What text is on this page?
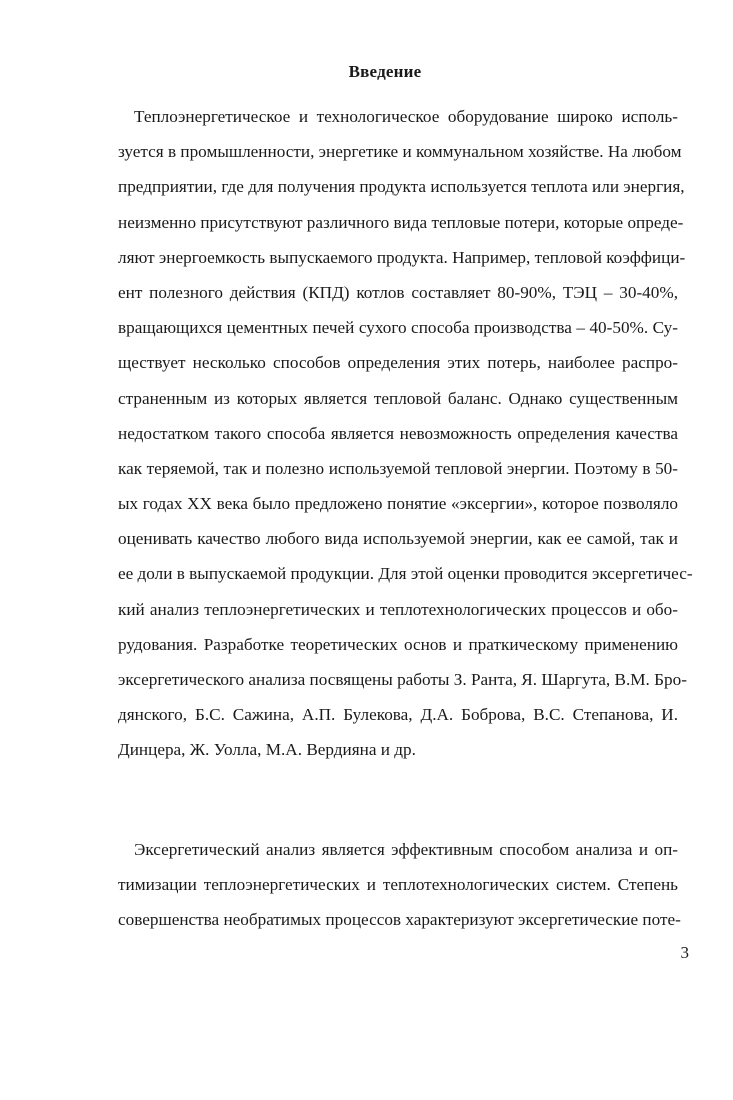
Введение
Теплоэнергетическое и технологическое оборудование широко исполь-
зуется в промышленности, энергетике и коммунальном хозяйстве. На любом
предприятии, где для получения продукта используется теплота или энергия,
неизменно присутствуют различного вида тепловые потери, которые опреде-
ляют энергоемкость выпускаемого продукта. Например, тепловой коэффици-
ент полезного действия (КПД) котлов составляет 80-90%, ТЭЦ – 30-40%,
вращающихся цементных печей сухого способа производства – 40-50%. Су-
ществует несколько способов определения этих потерь, наиболее распро-
страненным из которых является тепловой баланс. Однако существенным
недостатком такого способа является невозможность определения качества
как теряемой, так и полезно используемой тепловой энергии. Поэтому в 50-
ых годах XX века было предложено понятие «эксергии», которое позволяло
оценивать качество любого вида используемой энергии, как ее самой, так и
ее доли в выпускаемой продукции. Для этой оценки проводится эксергетичес-
кий анализ теплоэнергетических и теплотехнологических процессов и обо-
рудования. Разработке теоретических основ и праткическому применению
эксергетического анализа посвящены работы З. Ранта, Я. Шаргута, В.М. Бро-
дянского, Б.С. Сажина, А.П. Булекова, Д.А. Боброва, В.С. Степанова, И.
Динцера, Ж. Уолла, М.А. Вердияна и др.
Эксергетический анализ является эффективным способом анализа и оп-
тимизации теплоэнергетических и теплотехнологических систем. Степень
совершенства необратимых процессов характеризуют эксергетические поте-
3
